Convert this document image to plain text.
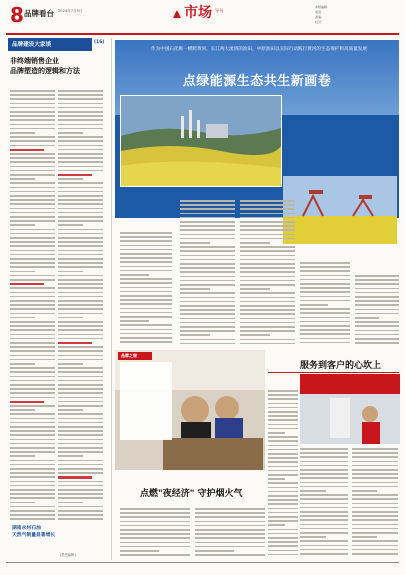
8 品牌看台 2024年7月5日	市场 导刊
本版编辑：
电话：
美编：
校对：
品牌建设大家谈	(16)
非终端销售企业
品牌塑造的逻辑和方法
湖南永州石油
天然气销量显著增长
(责任编辑 )
作为中国石化唯一横跨黄河、长江两大流域的油田，中原油田以实际行动践行黄河的生态保护和高质量发展
点绿能源生态共生新画卷
品牌之窗
服务到客户的心坎上
点燃"夜经济" 守护烟火气
